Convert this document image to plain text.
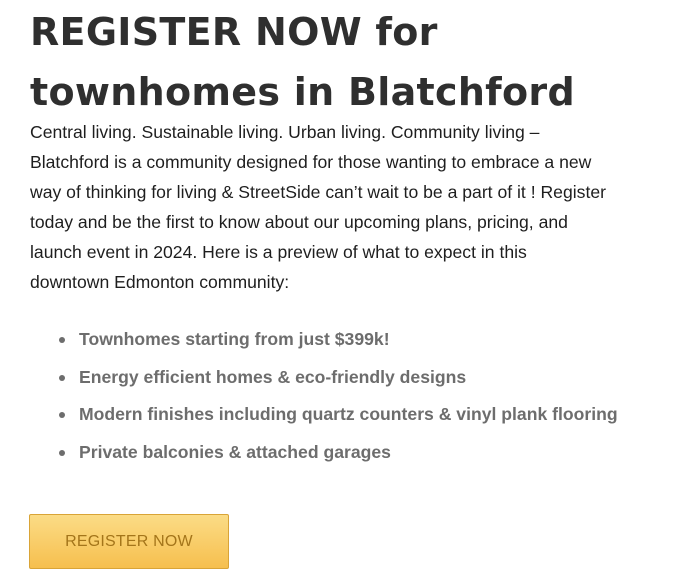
REGISTER NOW for
townhomes in Blatchford

Central living. Sustainable living. Urban living. Community living –
Blatchford is a community designed for those wanting to embrace a new
way of thinking for living & StreetSide can’t wait to be a part of it ! Register
today and be the first to know about our upcoming plans, pricing, and
launch event in 2024. Here is a preview of what to expect in this
downtown Edmonton community:

Townhomes starting from just $399k!
Energy efficient homes & eco-friendly designs
Modern finishes including quartz counters & vinyl plank flooring
Private balconies & attached garages
REGISTER NOW
